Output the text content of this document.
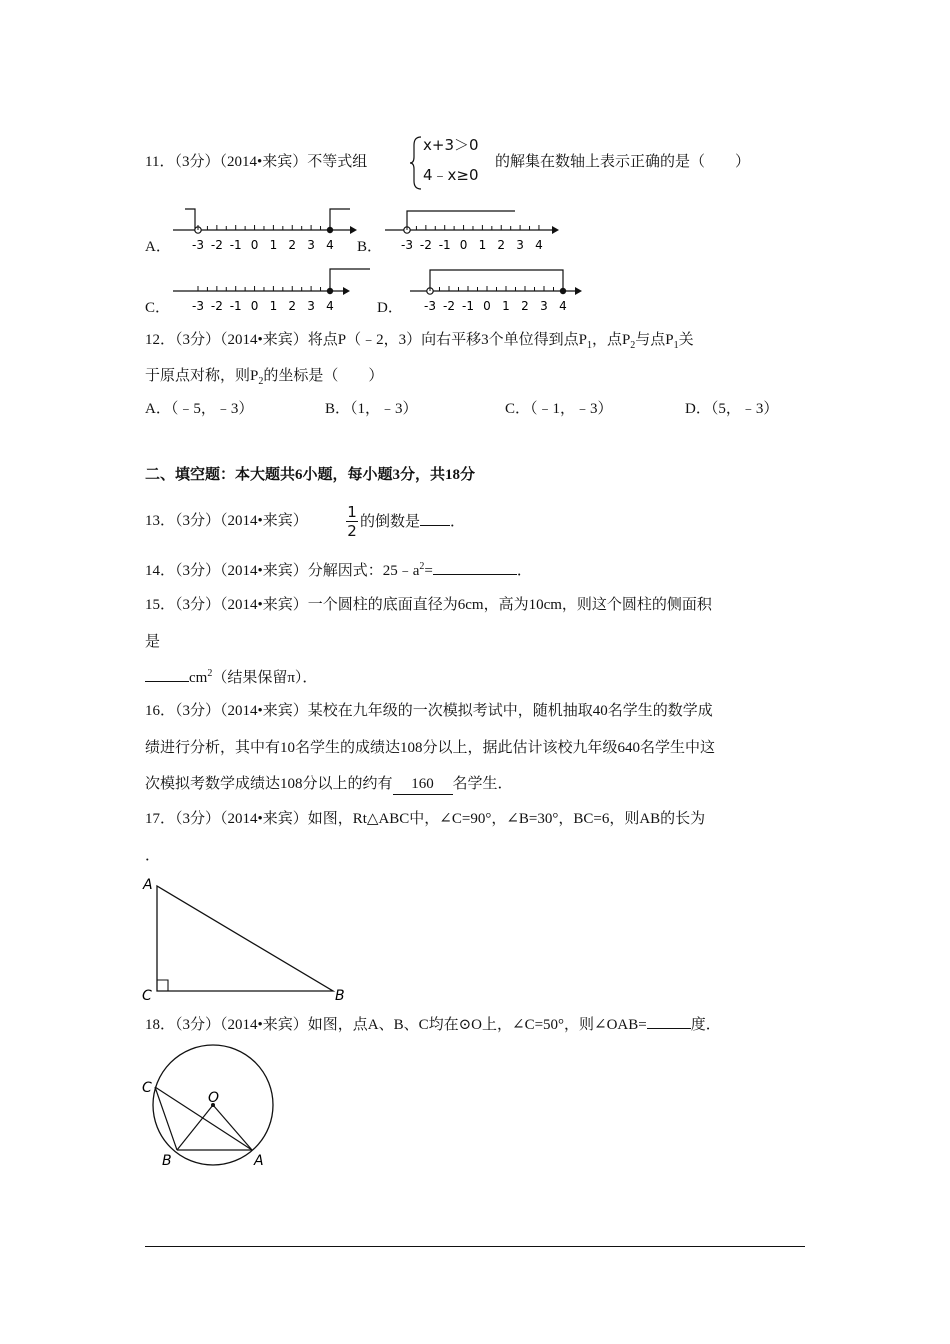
11．（3分）（2014•来宾）不等式组
x+3＞0
4﹣x≥0
的解集在数轴上表示正确的是（　　）
A． -3 -2 -1 0 1 2 3 4 B． -3 -2 -1 0 1 2 3 4
C． -3 -2 -1 0 1 2 3 4	D． -3 -2 -1 0 1 2 3 4
12．（3分）（2014•来宾）将点P（﹣2，3）向右平移3个单位得到点$P_1$，点$P_2$与点$P_1$关
于原点对称，则$P_2$的坐标是（　　）
A．（﹣5，﹣3）	B．（1，﹣3）	C．（﹣1，﹣3）	D．（5，﹣3）
二、填空题：本大题共6小题，每小题3分，共18分
13．（3分）（2014•来宾）	1
2 的倒数是 ．
14．（3分）（2014•来宾）分解因式：$25﹣a^2=$	．
15．（3分）（2014•来宾）一个圆柱的底面直径为6cm，高为10cm，则这个圆柱的侧面积
是
$cm^2$（结果保留π）．
16．（3分）（2014•来宾）某校在九年级的一次模拟考试中，随机抽取40名学生的数学成
绩进行分析，其中有10名学生的成绩达108分以上，据此估计该校九年级640名学生中这
次模拟考数学成绩达108分以上的约有 160 名学生．
17．（3分）（2014•来宾）如图，Rt△ABC中，∠C=90°，∠B=30°，BC=6，则AB的长为
．
A
C	B
18．（3分）（2014•来宾）如图，点A、B、C均在⊙O上，∠C=50°，则∠OAB=	度．
C
O
B	A
